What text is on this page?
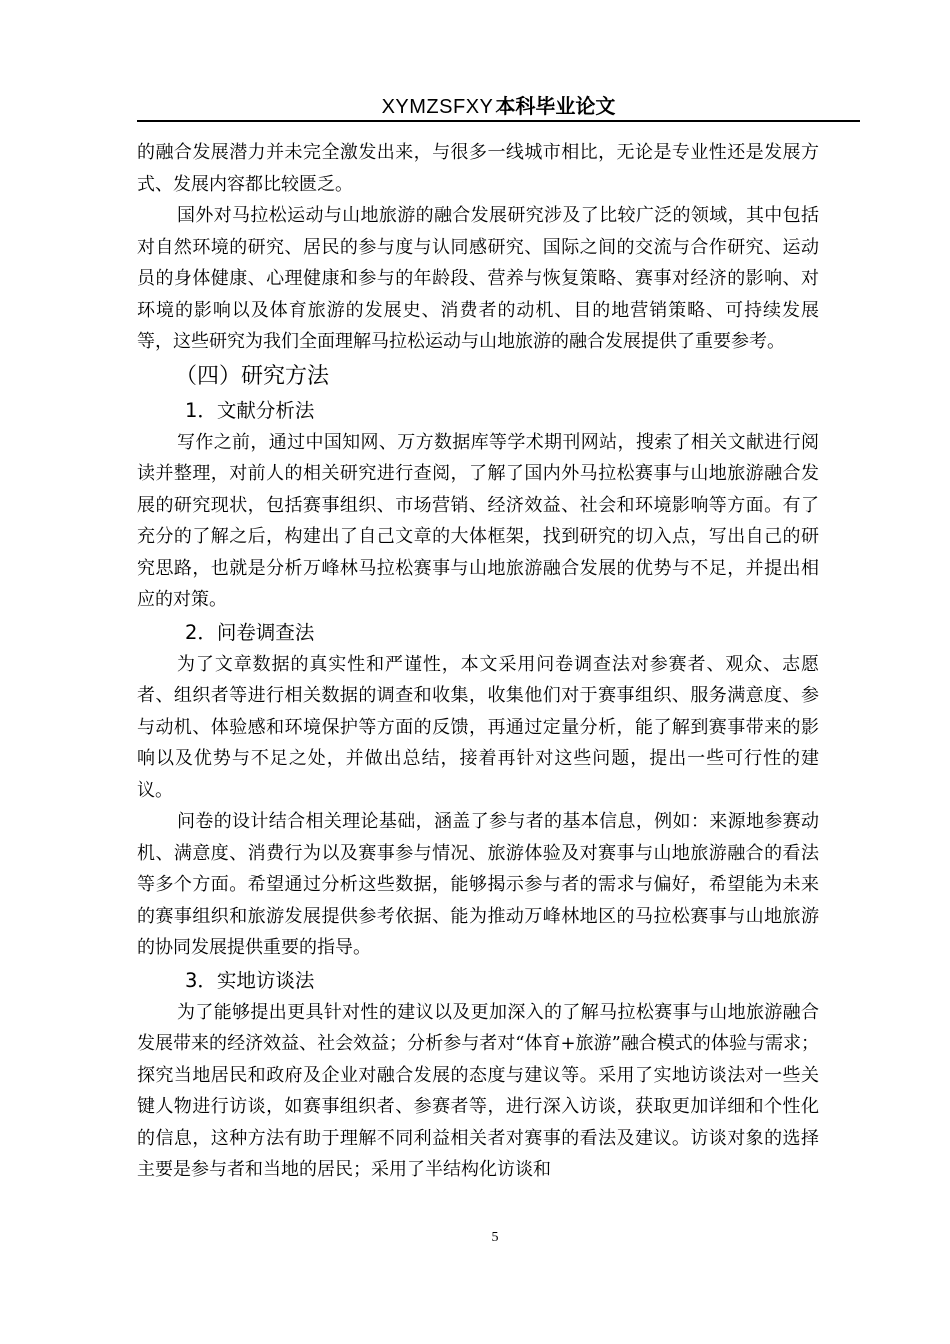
XYMZSFXY 本科毕业论文

的融合发展潜力并未完全激发出来，与很多一线城市相比，无论是专业性还是发展方式、发展内容都比较匮乏。

国外对马拉松运动与山地旅游的融合发展研究涉及了比较广泛的领域，其中包括对自然环境的研究、居民的参与度与认同感研究、国际之间的交流与合作研究、运动员的身体健康、心理健康和参与的年龄段、营养与恢复策略、赛事对经济的影响、对环境的影响以及体育旅游的发展史、消费者的动机、目的地营销策略、可持续发展等，这些研究为我们全面理解马拉松运动与山地旅游的融合发展提供了重要参考。

（四）研究方法
1．文献分析法

写作之前，通过中国知网、万方数据库等学术期刊网站，搜索了相关文献进行阅读并整理，对前人的相关研究进行查阅，了解了国内外马拉松赛事与山地旅游融合发展的研究现状，包括赛事组织、市场营销、经济效益、社会和环境影响等方面。有了充分的了解之后，构建出了自己文章的大体框架，找到研究的切入点，写出自己的研究思路，也就是分析万峰林马拉松赛事与山地旅游融合发展的优势与不足，并提出相应的对策。

2．问卷调查法

为了文章数据的真实性和严谨性，本文采用问卷调查法对参赛者、观众、志愿者、组织者等进行相关数据的调查和收集，收集他们对于赛事组织、服务满意度、参与动机、体验感和环境保护等方面的反馈，再通过定量分析，能了解到赛事带来的影响以及优势与不足之处，并做出总结，接着再针对这些问题，提出一些可行性的建议。

问卷的设计结合相关理论基础，涵盖了参与者的基本信息，例如：来源地参赛动机、满意度、消费行为以及赛事参与情况、旅游体验及对赛事与山地旅游融合的看法等多个方面。希望通过分析这些数据，能够揭示参与者的需求与偏好，希望能为未来的赛事组织和旅游发展提供参考依据、能为推动万峰林地区的马拉松赛事与山地旅游的协同发展提供重要的指导。

3．实地访谈法

为了能够提出更具针对性的建议以及更加深入的了解马拉松赛事与山地旅游融合发展带来的经济效益、社会效益；分析参与者对“体育+旅游”融合模式的体验与需求；探究当地居民和政府及企业对融合发展的态度与建议等。采用了实地访谈法对一些关键人物进行访谈，如赛事组织者、参赛者等，进行深入访谈，获取更加详细和个性化的信息，这种方法有助于理解不同利益相关者对赛事的看法及建议。访谈对象的选择主要是参与者和当地的居民；采用了半结构化访谈和

5
